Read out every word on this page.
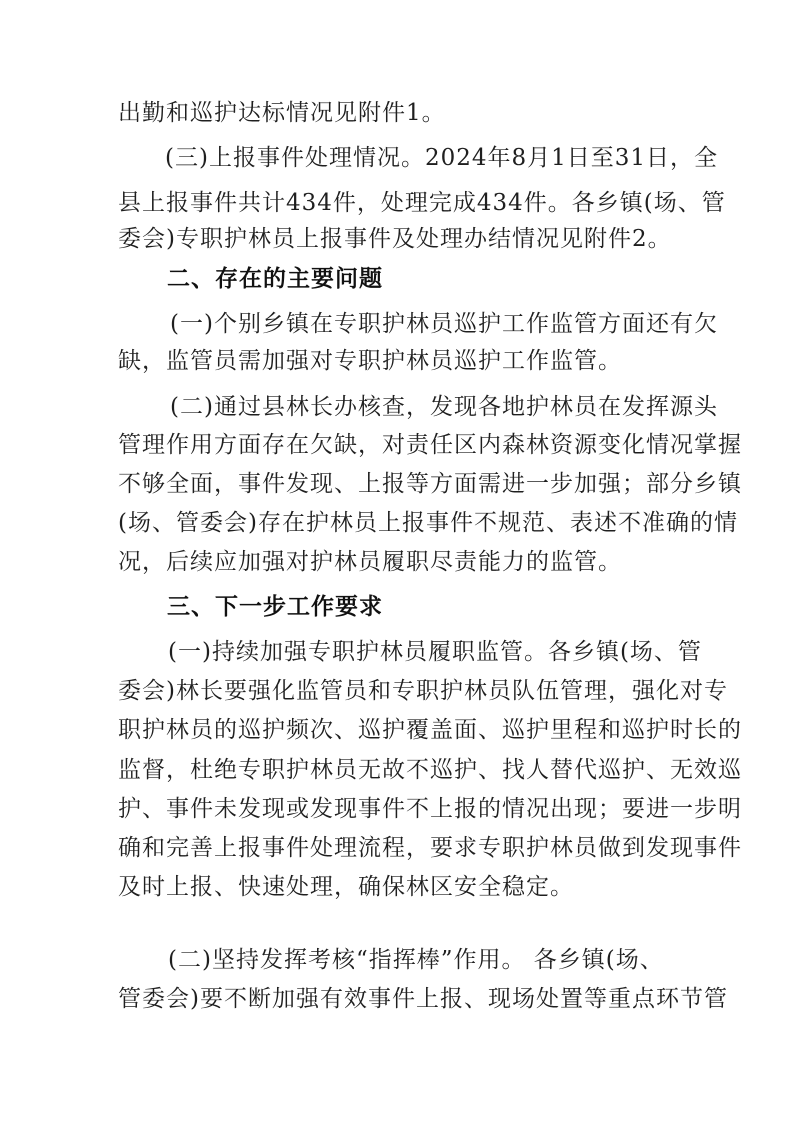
出勤和巡护达标情况见附件1。
(三)上报事件处理情况。2024年8月1日至31日，全
县上报事件共计434件，处理完成434件。各乡镇(场、管
委会)专职护林员上报事件及处理办结情况见附件2。
二、存在的主要问题
(一)个别乡镇在专职护林员巡护工作监管方面还有欠
缺，监管员需加强对专职护林员巡护工作监管。
(二)通过县林长办核查，发现各地护林员在发挥源头
管理作用方面存在欠缺，对责任区内森林资源变化情况掌握
不够全面，事件发现、上报等方面需进一步加强；部分乡镇
(场、管委会)存在护林员上报事件不规范、表述不准确的情
况，后续应加强对护林员履职尽责能力的监管。
三、下一步工作要求
(一)持续加强专职护林员履职监管。各乡镇(场、管
委会)林长要强化监管员和专职护林员队伍管理，强化对专
职护林员的巡护频次、巡护覆盖面、巡护里程和巡护时长的
监督，杜绝专职护林员无故不巡护、找人替代巡护、无效巡
护、事件未发现或发现事件不上报的情况出现；要进一步明
确和完善上报事件处理流程，要求专职护林员做到发现事件
及时上报、快速处理，确保林区安全稳定。
(二)坚持发挥考核“指挥棒”作用。 各乡镇(场、
管委会)要不断加强有效事件上报、现场处置等重点环节管
